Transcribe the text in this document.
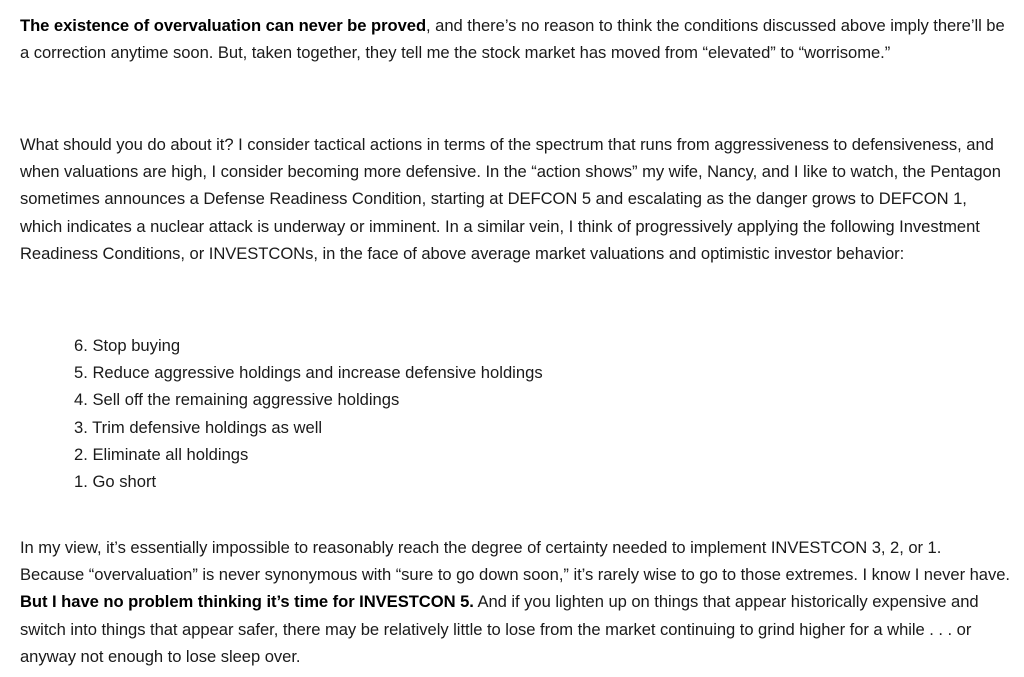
The existence of overvaluation can never be proved, and there’s no reason to think the conditions discussed above imply there’ll be a correction anytime soon. But, taken together, they tell me the stock market has moved from “elevated” to “worrisome.”

What should you do about it? I consider tactical actions in terms of the spectrum that runs from aggressiveness to defensiveness, and when valuations are high, I consider becoming more defensive. In the “action shows” my wife, Nancy, and I like to watch, the Pentagon sometimes announces a Defense Readiness Condition, starting at DEFCON 5 and escalating as the danger grows to DEFCON 1, which indicates a nuclear attack is underway or imminent. In a similar vein, I think of progressively applying the following Investment Readiness Conditions, or INVESTCONs, in the face of above average market valuations and optimistic investor behavior:

6. Stop buying
5. Reduce aggressive holdings and increase defensive holdings
4. Sell off the remaining aggressive holdings
3. Trim defensive holdings as well
2. Eliminate all holdings
1. Go short

In my view, it’s essentially impossible to reasonably reach the degree of certainty needed to implement INVESTCON 3, 2, or 1. Because “overvaluation” is never synonymous with “sure to go down soon,” it’s rarely wise to go to those extremes. I know I never have. But I have no problem thinking it’s time for INVESTCON 5. And if you lighten up on things that appear historically expensive and switch into things that appear safer, there may be relatively little to lose from the market continuing to grind higher for a while . . . or anyway not enough to lose sleep over.
